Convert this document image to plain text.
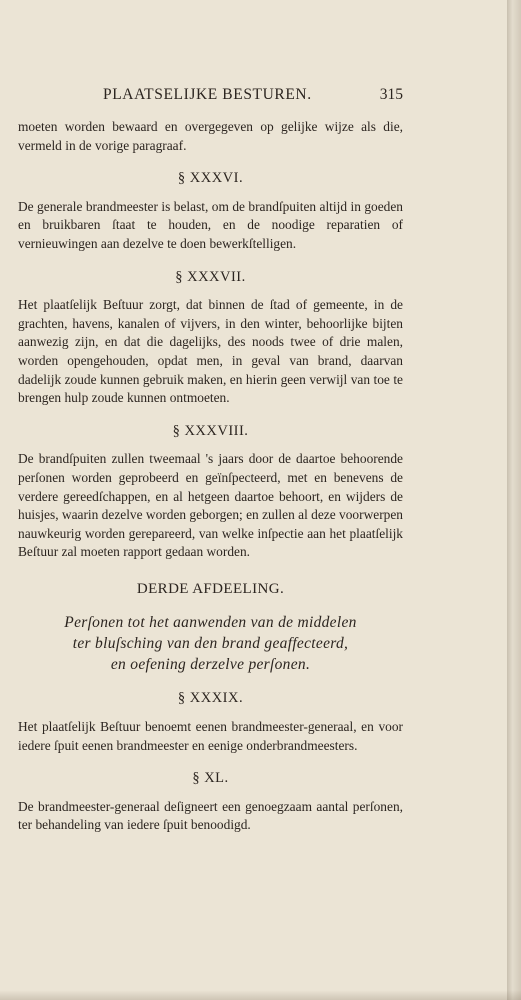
PLAATSELIJKE BESTUREN.	315

moeten worden bewaard en overgegeven op gelijke wijze als die, vermeld in de vorige paragraaf.

§ XXXVI.

De generale brandmeester is belast, om de brandſpuiten altijd in goeden en bruikbaren ſtaat te houden, en de noodige reparatien of vernieuwingen aan dezelve te doen bewerkſtelligen.

§ XXXVII.

Het plaatſelijk Beſtuur zorgt, dat binnen de ſtad of gemeente, in de grachten, havens, kanalen of vijvers, in den winter, behoorlijke bijten aanwezig zijn, en dat die dagelijks, des noods twee of drie malen, worden opengehouden, opdat men, in geval van brand, daarvan dadelijk zoude kunnen gebruik maken, en hierin geen verwijl van toe te brengen hulp zoude kunnen ontmoeten.

§ XXXVIII.

De brandſpuiten zullen tweemaal 's jaars door de daartoe behoorende perſonen worden geprobeerd en geïnſpecteerd, met en benevens de verdere gereedſchappen, en al hetgeen daartoe behoort, en wijders de huisjes, waarin dezelve worden geborgen; en zullen al deze voorwerpen nauwkeurig worden gerepareerd, van welke inſpectie aan het plaatſelijk Beſtuur zal moeten rapport gedaan worden.

DERDE AFDEELING.
Perſonen tot het aanwenden van de middelen
ter bluſsching van den brand geaffecteerd,
en oefening derzelve perſonen.
§ XXXIX.

Het plaatſelijk Beſtuur benoemt eenen brandmeester-generaal, en voor iedere ſpuit eenen brandmeester en eenige onderbrandmeesters.

§ XL.

De brandmeester-generaal deſigneert een genoegzaam aantal perſonen, ter behandeling van iedere ſpuit benoodigd.
